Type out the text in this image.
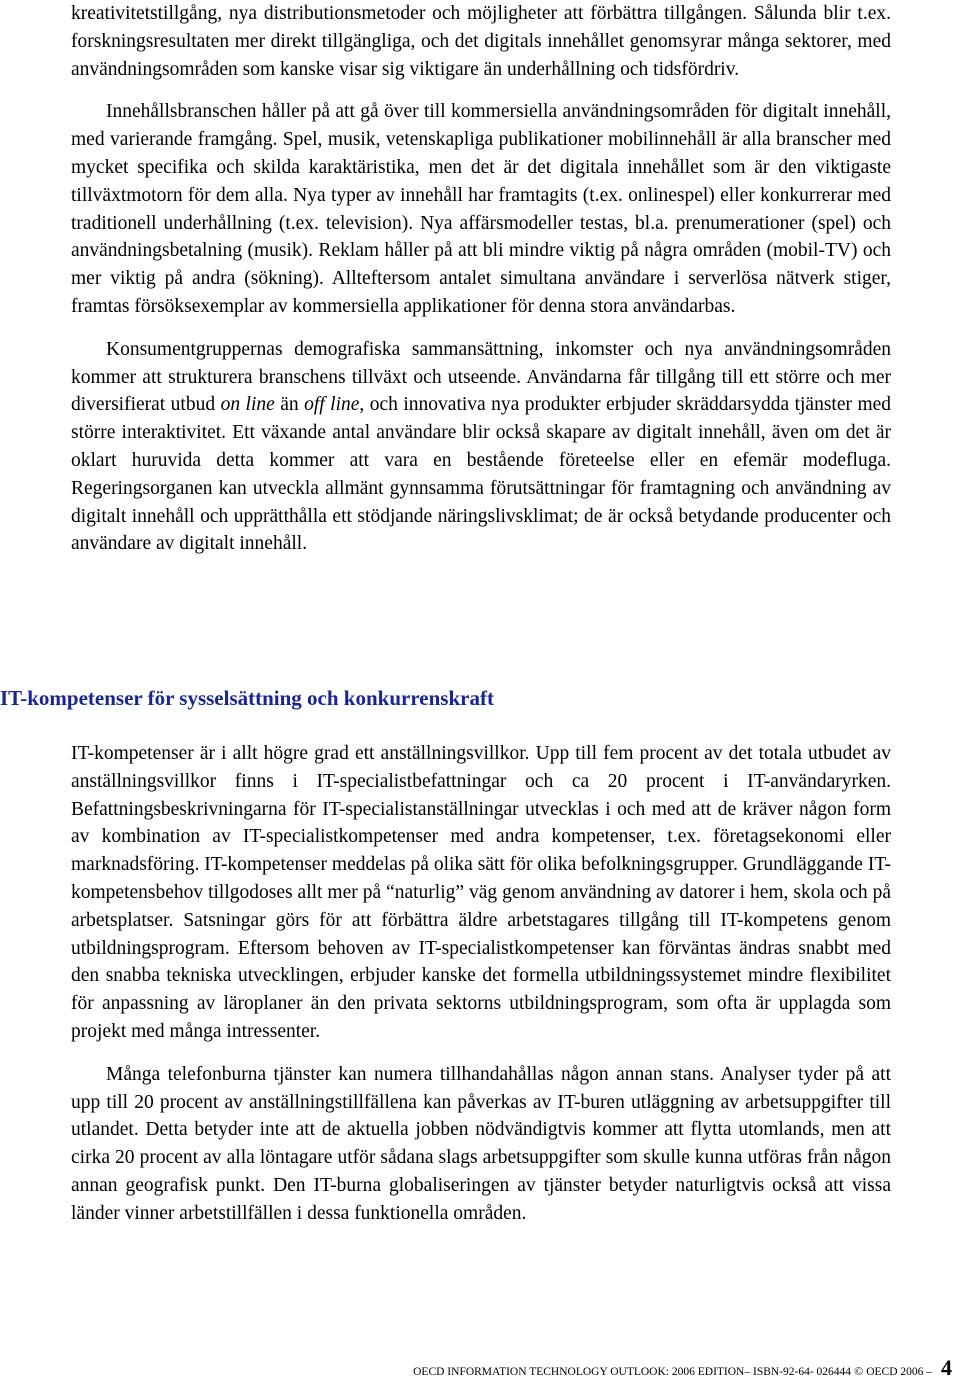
kreativitetstillgång, nya distributionsmetoder och möjligheter att förbättra tillgången. Sålunda blir t.ex. forskningsresultaten mer direkt tillgängliga, och det digitals innehållet genomsyrar många sektorer, med användningsområden som kanske visar sig viktigare än underhållning och tidsfördriv.

Innehållsbranschen håller på att gå över till kommersiella användningsområden för digitalt innehåll, med varierande framgång. Spel, musik, vetenskapliga publikationer mobilinnehåll är alla branscher med mycket specifika och skilda karaktäristika, men det är det digitala innehållet som är den viktigaste tillväxtmotorn för dem alla. Nya typer av innehåll har framtagits (t.ex. onlinespel) eller konkurrerar med traditionell underhållning (t.ex. television). Nya affärsmodeller testas, bl.a. prenumerationer (spel) och användningsbetalning (musik). Reklam håller på att bli mindre viktig på några områden (mobil-TV) och mer viktig på andra (sökning). Allteftersom antalet simultana användare i serverlösa nätverk stiger, framtas försöksexemplar av kommersiella applikationer för denna stora användarbas.

Konsumentgruppernas demografiska sammansättning, inkomster och nya användningsområden kommer att strukturera branschens tillväxt och utseende. Användarna får tillgång till ett större och mer diversifierat utbud on line än off line, och innovativa nya produkter erbjuder skräddarsydda tjänster med större interaktivitet. Ett växande antal användare blir också skapare av digitalt innehåll, även om det är oklart huruvida detta kommer att vara en bestående företeelse eller en efemär modefluga. Regeringsorganen kan utveckla allmänt gynnsamma förutsättningar för framtagning och användning av digitalt innehåll och upprätthålla ett stödjande näringslivsklimat; de är också betydande producenter och användare av digitalt innehåll.

IT-kompetenser för sysselsättning och konkurrenskraft

IT-kompetenser är i allt högre grad ett anställningsvillkor. Upp till fem procent av det totala utbudet av anställningsvillkor finns i IT-specialistbefattningar och ca 20 procent i IT-användaryrken. Befattningsbeskrivningarna för IT-specialistanställningar utvecklas i och med att de kräver någon form av kombination av IT-specialistkompetenser med andra kompetenser, t.ex. företagsekonomi eller marknadsföring. IT-kompetenser meddelas på olika sätt för olika befolkningsgrupper. Grundläggande IT-kompetensbehov tillgodoses allt mer på “naturlig” väg genom användning av datorer i hem, skola och på arbetsplatser. Satsningar görs för att förbättra äldre arbetstagares tillgång till IT-kompetens genom utbildningsprogram. Eftersom behoven av IT-specialistkompetenser kan förväntas ändras snabbt med den snabba tekniska utvecklingen, erbjuder kanske det formella utbildningssystemet mindre flexibilitet för anpassning av läroplaner än den privata sektorns utbildningsprogram, som ofta är upplagda som projekt med många intressenter.

Många telefonburna tjänster kan numera tillhandahållas någon annan stans. Analyser tyder på att upp till 20 procent av anställningstillfällena kan påverkas av IT-buren utläggning av arbetsuppgifter till utlandet. Detta betyder inte att de aktuella jobben nödvändigtvis kommer att flytta utomlands, men att cirka 20 procent av alla löntagare utför sådana slags arbetsuppgifter som skulle kunna utföras från någon annan geografisk punkt. Den IT-burna globaliseringen av tjänster betyder naturligtvis också att vissa länder vinner arbetstillfällen i dessa funktionella områden.

OECD INFORMATION TECHNOLOGY OUTLOOK: 2006 EDITION– ISBN-92-64- 026444 © OECD 2006 – 4
